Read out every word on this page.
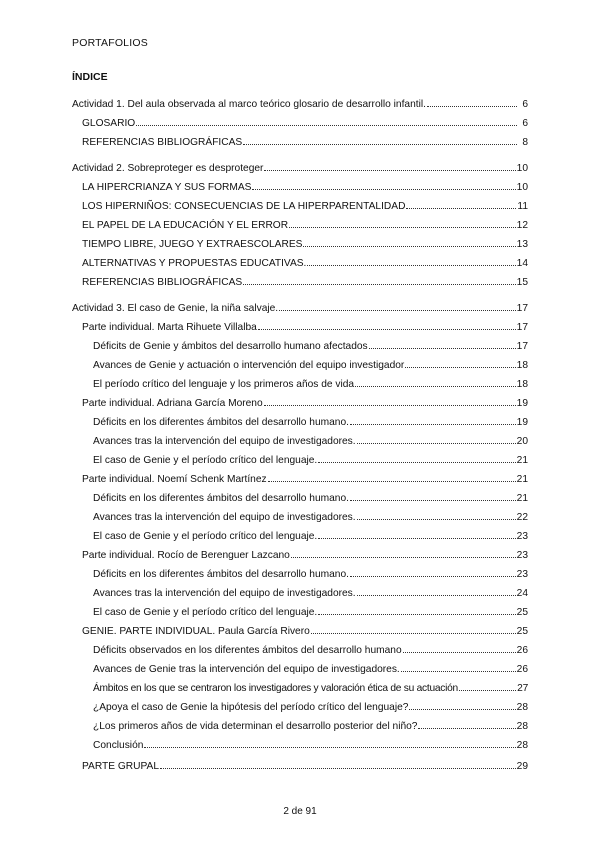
PORTAFOLIOS
ÍNDICE
Actividad 1. Del aula observada al marco teórico glosario de desarrollo infantil.	6
GLOSARIO	6
REFERENCIAS BIBLIOGRÁFICAS	8
Actividad 2. Sobreproteger es desproteger	10
LA HIPERCRIANZA Y SUS FORMAS	10
LOS HIPERNIÑOS: CONSECUENCIAS DE LA HIPERPARENTALIDAD	11
EL PAPEL DE LA EDUCACIÓN Y EL ERROR	12
TIEMPO LIBRE, JUEGO Y EXTRAESCOLARES	13
ALTERNATIVAS Y PROPUESTAS EDUCATIVAS.	14
REFERENCIAS BIBLIOGRÁFICAS	15
Actividad 3. El caso de Genie, la niña salvaje.	17
Parte individual. Marta Rihuete Villalba	17
Déficits de Genie y ámbitos del desarrollo humano afectados	17
Avances de Genie y actuación o intervención del equipo investigador	18
El período crítico del lenguaje y los primeros años de vida	18
Parte individual. Adriana García Moreno	19
Déficits en los diferentes ámbitos del desarrollo humano.	19
Avances tras la intervención del equipo de investigadores.	20
El caso de Genie y el período crítico del lenguaje.	21
Parte individual. Noemí Schenk Martínez	21
Déficits en los diferentes ámbitos del desarrollo humano.	21
Avances tras la intervención del equipo de investigadores.	22
El caso de Genie y el período crítico del lenguaje.	23
Parte individual. Rocío de Berenguer Lazcano	23
Déficits en los diferentes ámbitos del desarrollo humano.	23
Avances tras la intervención del equipo de investigadores.	24
El caso de Genie y el período crítico del lenguaje.	25
GENIE. PARTE INDIVIDUAL. Paula García Rivero	25
Déficits observados en los diferentes ámbitos del desarrollo humano	26
Avances de Genie tras la intervención del equipo de investigadores.	26
Ámbitos en los que se centraron los investigadores y valoración ética de su actuación	27
¿Apoya el caso de Genie la hipótesis del período crítico del lenguaje?	28
¿Los primeros años de vida determinan el desarrollo posterior del niño?	28
Conclusión	28
PARTE GRUPAL	29
2 de 91
